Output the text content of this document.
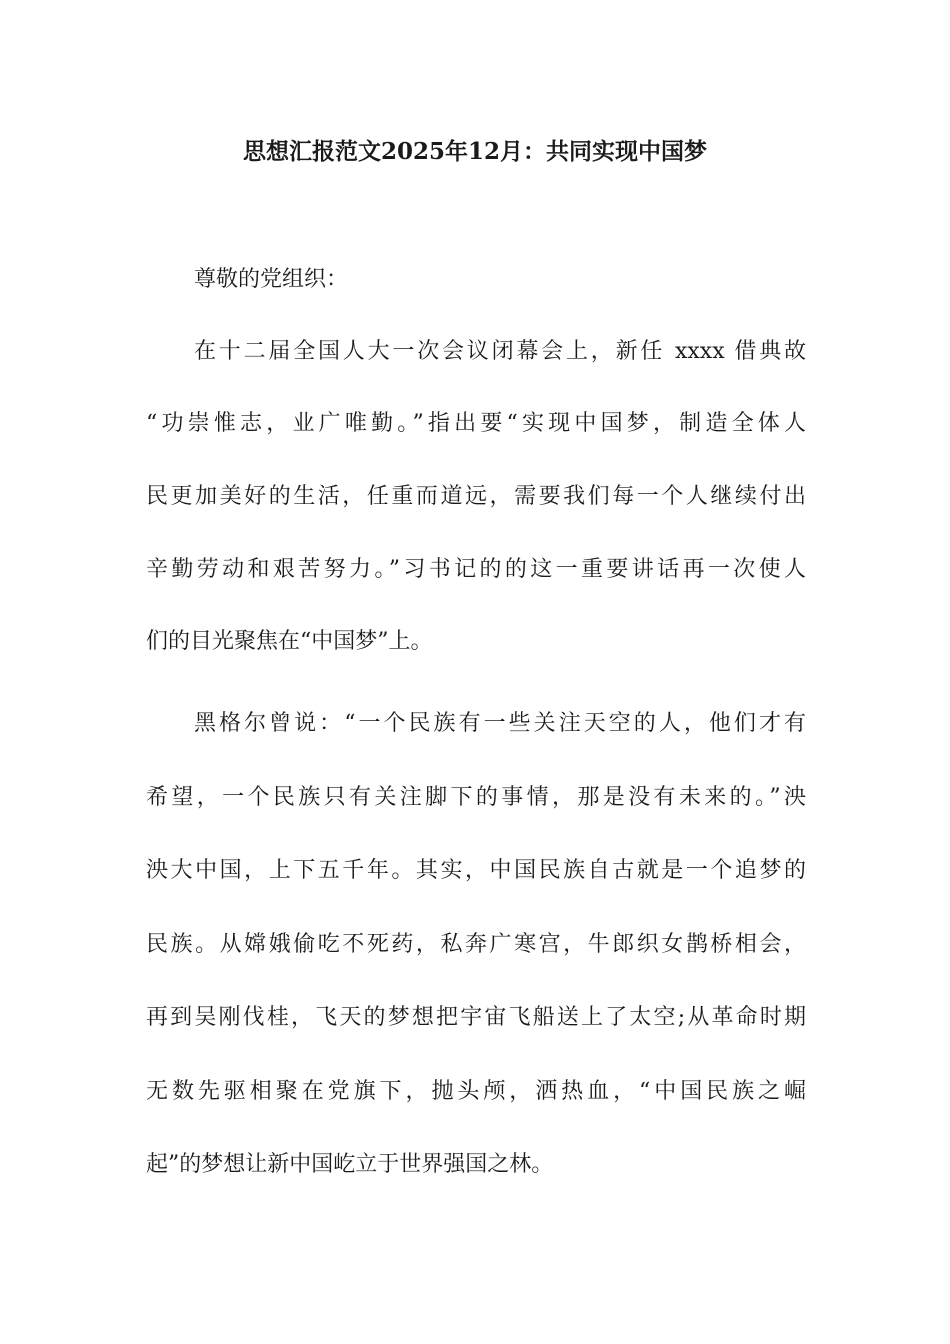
思想汇报范文2025年12月：共同实现中国梦
尊敬的党组织：
在十二届全国人大一次会议闭幕会上，新任 xxxx 借典故
“功崇惟志，业广唯勤。”指出要“实现中国梦，制造全体人
民更加美好的生活，任重而道远，需要我们每一个人继续付出
辛勤劳动和艰苦努力。”习书记的的这一重要讲话再一次使人
们的目光聚焦在“中国梦”上。
黑格尔曾说：“一个民族有一些关注天空的人，他们才有
希望，一个民族只有关注脚下的事情，那是没有未来的。”泱
泱大中国，上下五千年。其实，中国民族自古就是一个追梦的
民族。从嫦娥偷吃不死药，私奔广寒宫，牛郎织女鹊桥相会，
再到吴刚伐桂，飞天的梦想把宇宙飞船送上了太空;从革命时期
无数先驱相聚在党旗下，抛头颅，洒热血，“中国民族之崛
起”的梦想让新中国屹立于世界强国之林。
